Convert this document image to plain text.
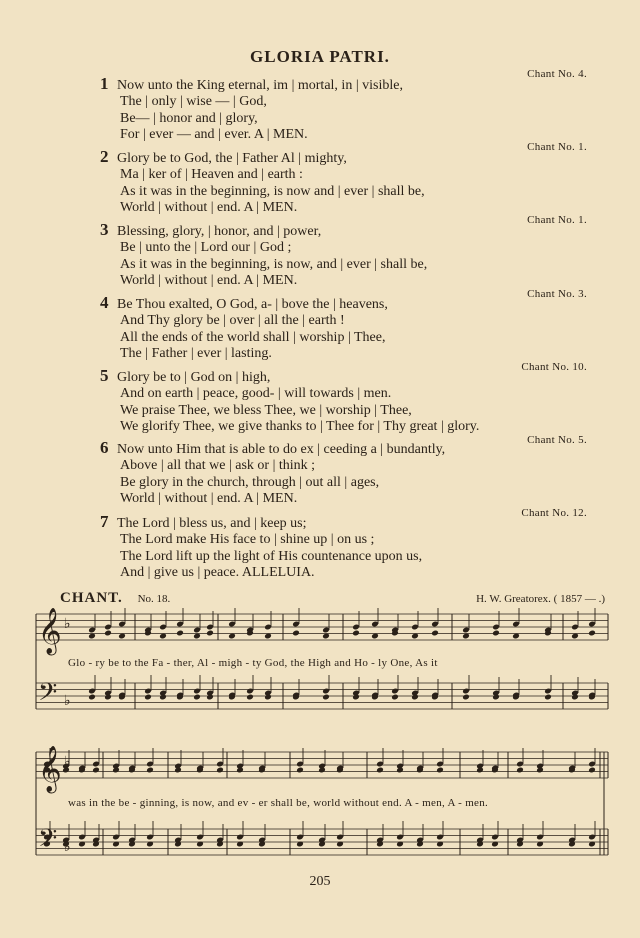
GLORIA PATRI.
Chant No. 4.
1 Now unto the King eternal, im | mortal, in | visible,
The | only | wise — | God,
Be— | honor and | glory,
For | ever — and | ever. A | MEN.
Chant No. 1.
2 Glory be to God, the | Father Al | mighty,
Ma | ker of | Heaven and | earth :
As it was in the beginning, is now and | ever | shall be,
World | without | end. A | MEN.
Chant No. 1.
3 Blessing, glory, | honor, and | power,
Be | unto the | Lord our | God ;
As it was in the beginning, is now, and | ever | shall be,
World | without | end. A | MEN.
Chant No. 3.
4 Be Thou exalted, O God, a- | bove the | heavens,
And Thy glory be | over | all the | earth !
All the ends of the world shall | worship | Thee,
The | Father | ever | lasting.
Chant No. 10.
5 Glory be to | God on | high,
And on earth | peace, good- | will towards | men.
We praise Thee, we bless Thee, we | worship | Thee,
We glorify Thee, we give thanks to | Thee for | Thy great | glory.
Chant No. 5.
6 Now unto Him that is able to do ex | ceeding a | bundantly,
Above | all that we | ask or | think ;
Be glory in the church, through | out all | ages,
World | without | end. A | MEN.
Chant No. 12.
7 The Lord | bless us, and | keep us;
The Lord make His face to | shine up | on us ;
The Lord lift up the light of His countenance upon us,
And | give us | peace. ALLELUIA.
CHANT. No. 18.	H. W. Greatorex. ( 1857 — .)
𝄞
𝄞
𝄢
𝄢
♭
♭
♭
♭
Glo - ry be to the Fa - ther, Al - migh - ty God, the High and Ho - ly One, As it
was in the be - ginning, is now, and ev - er shall be, world without end. A - men, A - men.
205
